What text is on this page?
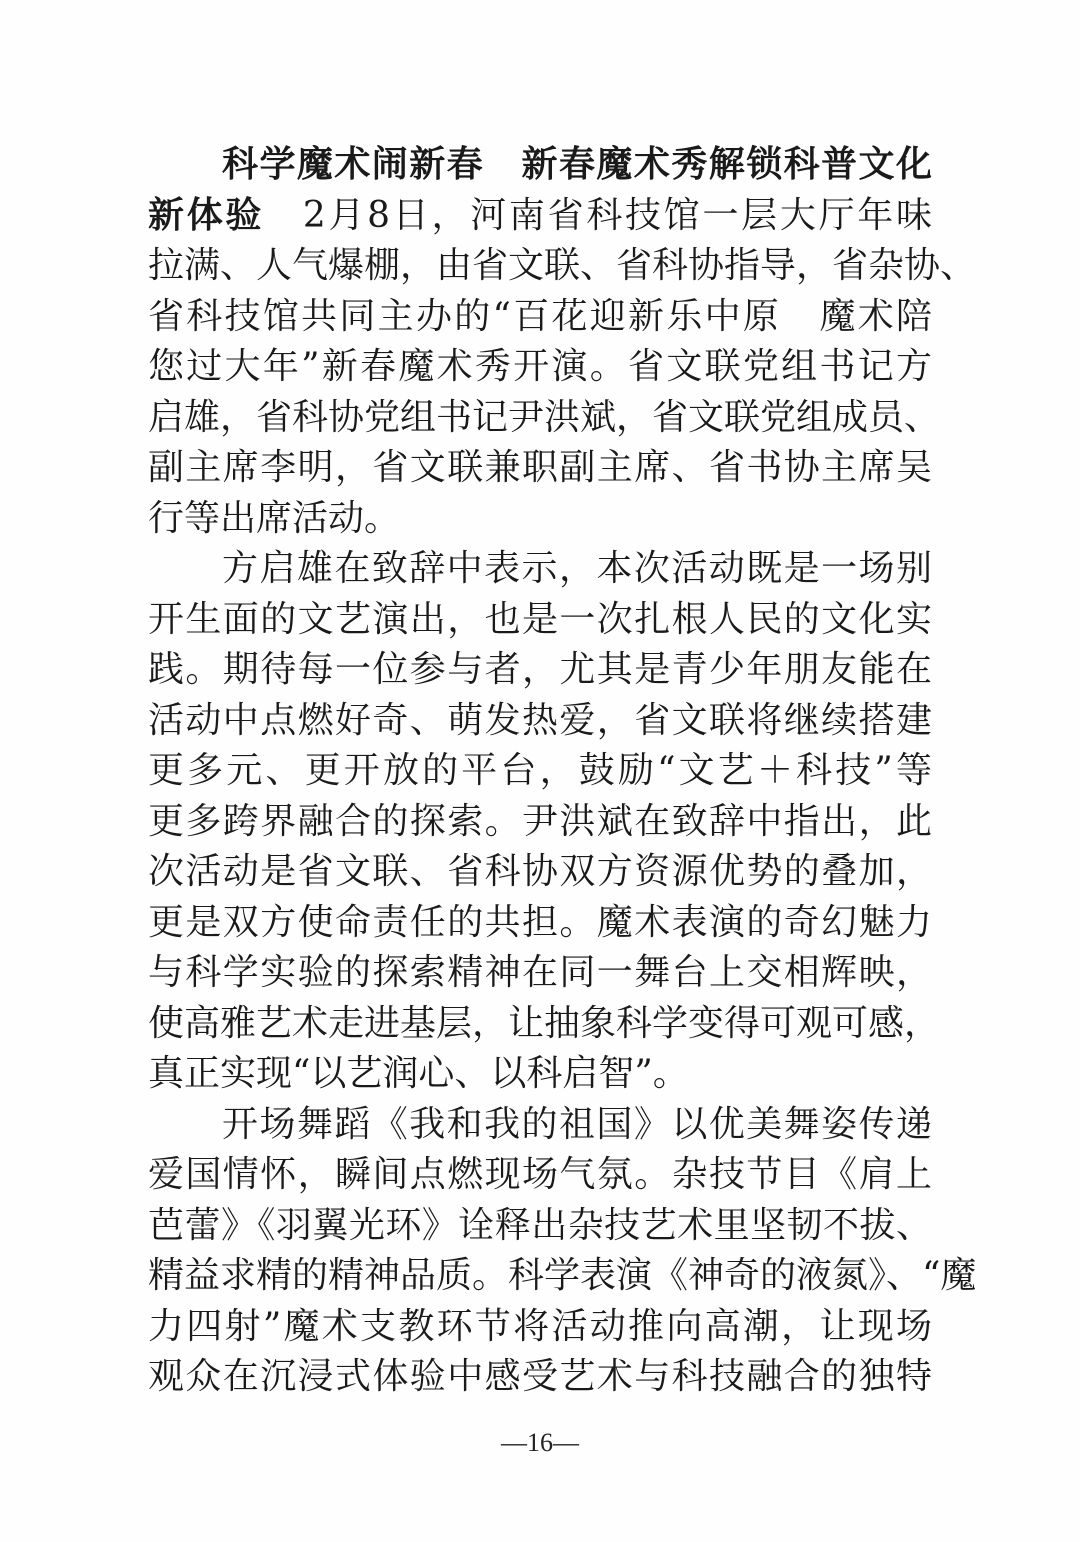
科学魔术闹新春　新春魔术秀解锁科普文化
新体验　2月8日，河南省科技馆一层大厅年味
拉满、人气爆棚，由省文联、省科协指导，省杂协、
省科技馆共同主办的“百花迎新乐中原　魔术陪
您过大年”新春魔术秀开演。省文联党组书记方
启雄，省科协党组书记尹洪斌，省文联党组成员、
副主席李明，省文联兼职副主席、省书协主席吴
行等出席活动。
方启雄在致辞中表示，本次活动既是一场别
开生面的文艺演出，也是一次扎根人民的文化实
践。期待每一位参与者，尤其是青少年朋友能在
活动中点燃好奇、萌发热爱，省文联将继续搭建
更多元、更开放的平台，鼓励“文艺＋科技”等
更多跨界融合的探索。尹洪斌在致辞中指出，此
次活动是省文联、省科协双方资源优势的叠加，
更是双方使命责任的共担。魔术表演的奇幻魅力
与科学实验的探索精神在同一舞台上交相辉映，
使高雅艺术走进基层，让抽象科学变得可观可感，
真正实现“以艺润心、以科启智”。
开场舞蹈《我和我的祖国》以优美舞姿传递
爱国情怀，瞬间点燃现场气氛。杂技节目《肩上
芭蕾》《羽翼光环》诠释出杂技艺术里坚韧不拔、
精益求精的精神品质。科学表演《神奇的液氮》、“魔
力四射”魔术支教环节将活动推向高潮，让现场
观众在沉浸式体验中感受艺术与科技融合的独特
—16—
